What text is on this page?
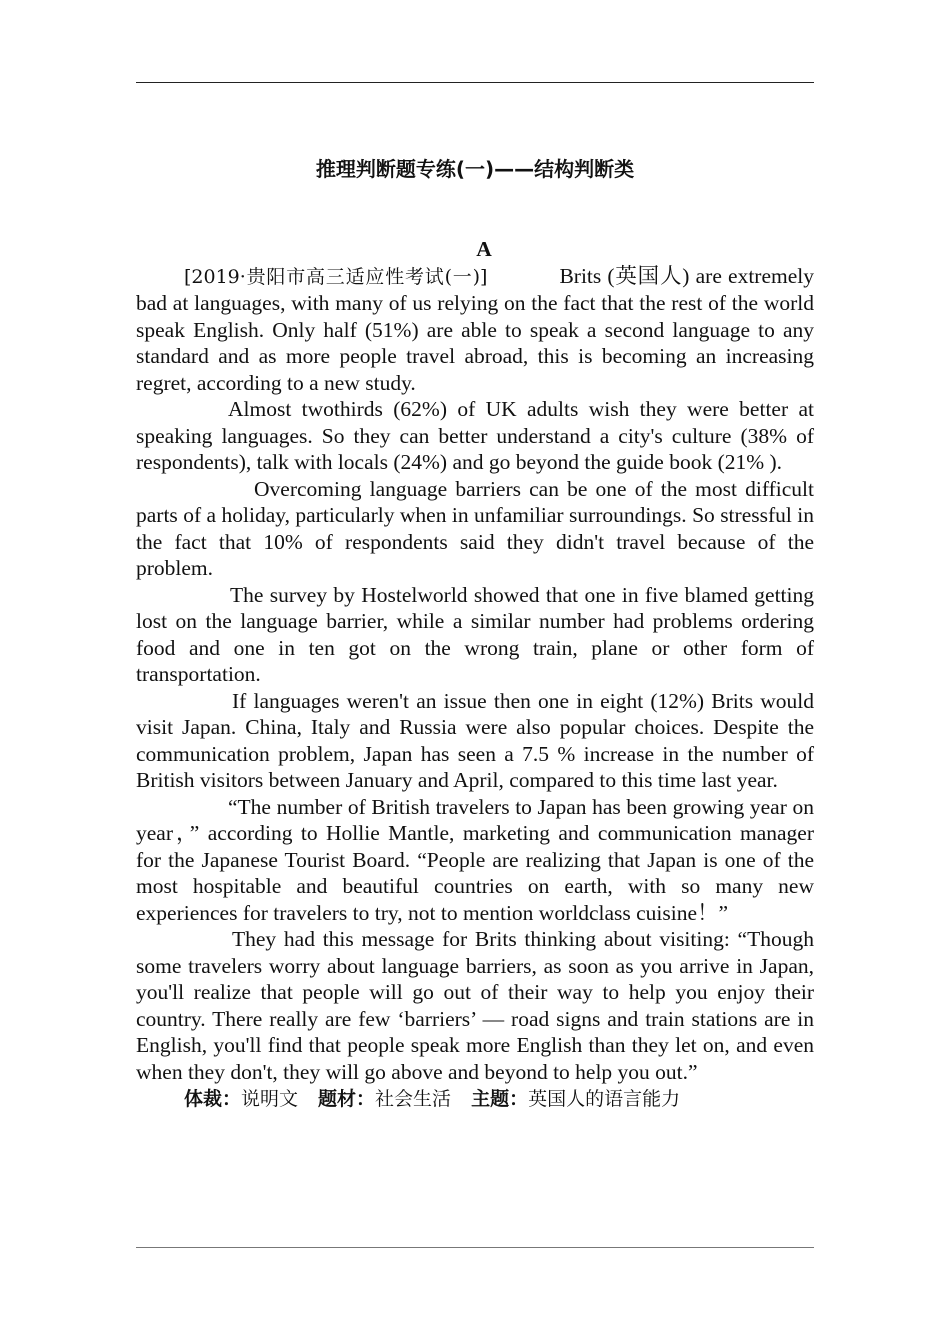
推理判断题专练(一)——结构判断类
A

[2019·贵阳市高三适应性考试(一)]	Brits (英国人) are extremely bad at languages, with many of us relying on the fact that the rest of the world speak English. Only half (51%) are able to speak a second language to any standard and as more people travel abroad, this is becoming an increasing regret, according to a new study.

Almost twothirds (62%) of UK adults wish they were better at speaking languages. So they can better understand a city's culture (38% of respondents), talk with locals (24%) and go beyond the guide book (21% ).

Overcoming language barriers can be one of the most difficult parts of a holiday, particularly when in unfamiliar surroundings. So stressful in the fact that 10% of respondents said they didn't travel because of the problem.

The survey by Hostelworld showed that one in five blamed getting lost on the language barrier, while a similar number had problems ordering food and one in ten got on the wrong train, plane or other form of transportation.

If languages weren't an issue then one in eight (12%) Brits would visit Japan. China, Italy and Russia were also popular choices. Despite the communication problem, Japan has seen a 7.5 % increase in the number of British visitors between January and April, compared to this time last year.

“The number of British travelers to Japan has been growing year on year，” according to Hollie Mantle, marketing and communication manager for the Japanese Tourist Board. “People are realizing that Japan is one of the most hospitable and beautiful countries on earth, with so many new experiences for travelers to try, not to mention worldclass cuisine！”

They had this message for Brits thinking about visiting: “Though some travelers worry about language barriers, as soon as you arrive in Japan, you'll realize that people will go out of their way to help you enjoy their country. There really are few ‘barriers’ — road signs and train stations are in English, you'll find that people speak more English than they let on, and even when they don't, they will go above and beyond to help you out.”

体裁：说明文 题材：社会生活 主题：英国人的语言能力
